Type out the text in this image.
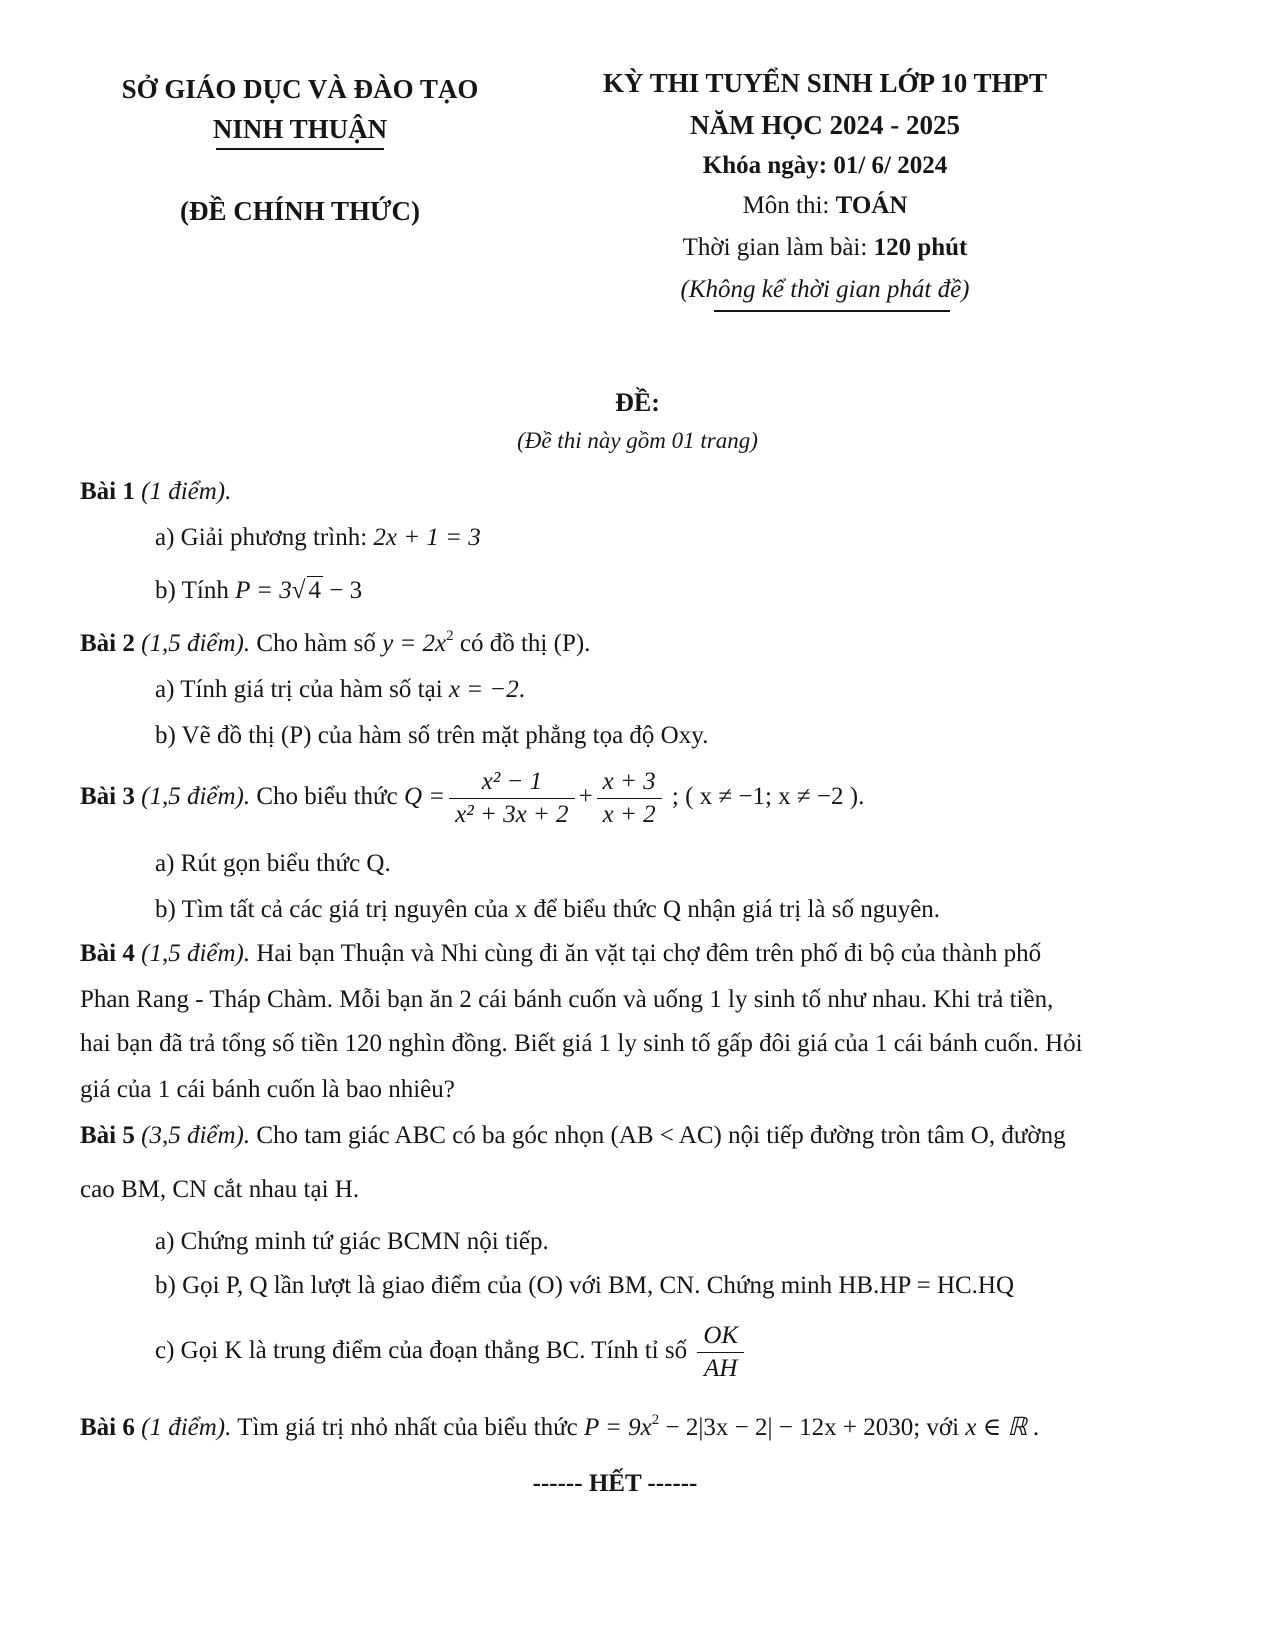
SỞ GIÁO DỤC VÀ ĐÀO TẠO
NINH THUẬN
(ĐỀ CHÍNH THỨC)
KỲ THI TUYỂN SINH LỚP 10 THPT
NĂM HỌC 2024 - 2025
Khóa ngày: 01/ 6/ 2024
Môn thi: TOÁN
Thời gian làm bài: 120 phút
(Không kể thời gian phát đề)
ĐỀ:
(Đề thi này gồm 01 trang)
Bài 1 (1 điểm).
a) Giải phương trình: 2x + 1 = 3
b) Tính P = 3√ 4 − 3
Bài 2 (1,5 điểm). Cho hàm số $y = 2x^2$ có đồ thị (P).
a) Tính giá trị của hàm số tại x = −2.
b) Vẽ đồ thị (P) của hàm số trên mặt phẳng tọa độ Oxy.
Bài 3 (1,5 điểm). Cho biểu thức $Q = \frac{\text{x² − 1}}{\text{x² + 3x + 2}} + \frac{x + 3}{x + 2}$ ; ( x ≠ −1; x ≠ −2 ).
a) Rút gọn biểu thức Q.
b) Tìm tất cả các giá trị nguyên của x để biểu thức Q nhận giá trị là số nguyên.
Bài 4 (1,5 điểm). Hai bạn Thuận và Nhi cùng đi ăn vặt tại chợ đêm trên phố đi bộ của thành phố
Phan Rang - Tháp Chàm. Mỗi bạn ăn 2 cái bánh cuốn và uống 1 ly sinh tố như nhau. Khi trả tiền,
hai bạn đã trả tổng số tiền 120 nghìn đồng. Biết giá 1 ly sinh tố gấp đôi giá của 1 cái bánh cuốn. Hỏi
giá của 1 cái bánh cuốn là bao nhiêu?
Bài 5 (3,5 điểm). Cho tam giác ABC có ba góc nhọn (AB < AC) nội tiếp đường tròn tâm O, đường
cao BM, CN cắt nhau tại H.
a) Chứng minh tứ giác BCMN nội tiếp.
b) Gọi P, Q lần lượt là giao điểm của (O) với BM, CN. Chứng minh HB.HP = HC.HQ
c) Gọi K là trung điểm của đoạn thẳng BC. Tính tỉ số $\frac{OK}{AH}$
Bài 6 (1 điểm). Tìm giá trị nhỏ nhất của biểu thức $P = 9x^2 - 2|3x - 2| - 12x + 2030$; với x ∈ ℝ .
------ HẾT ------
